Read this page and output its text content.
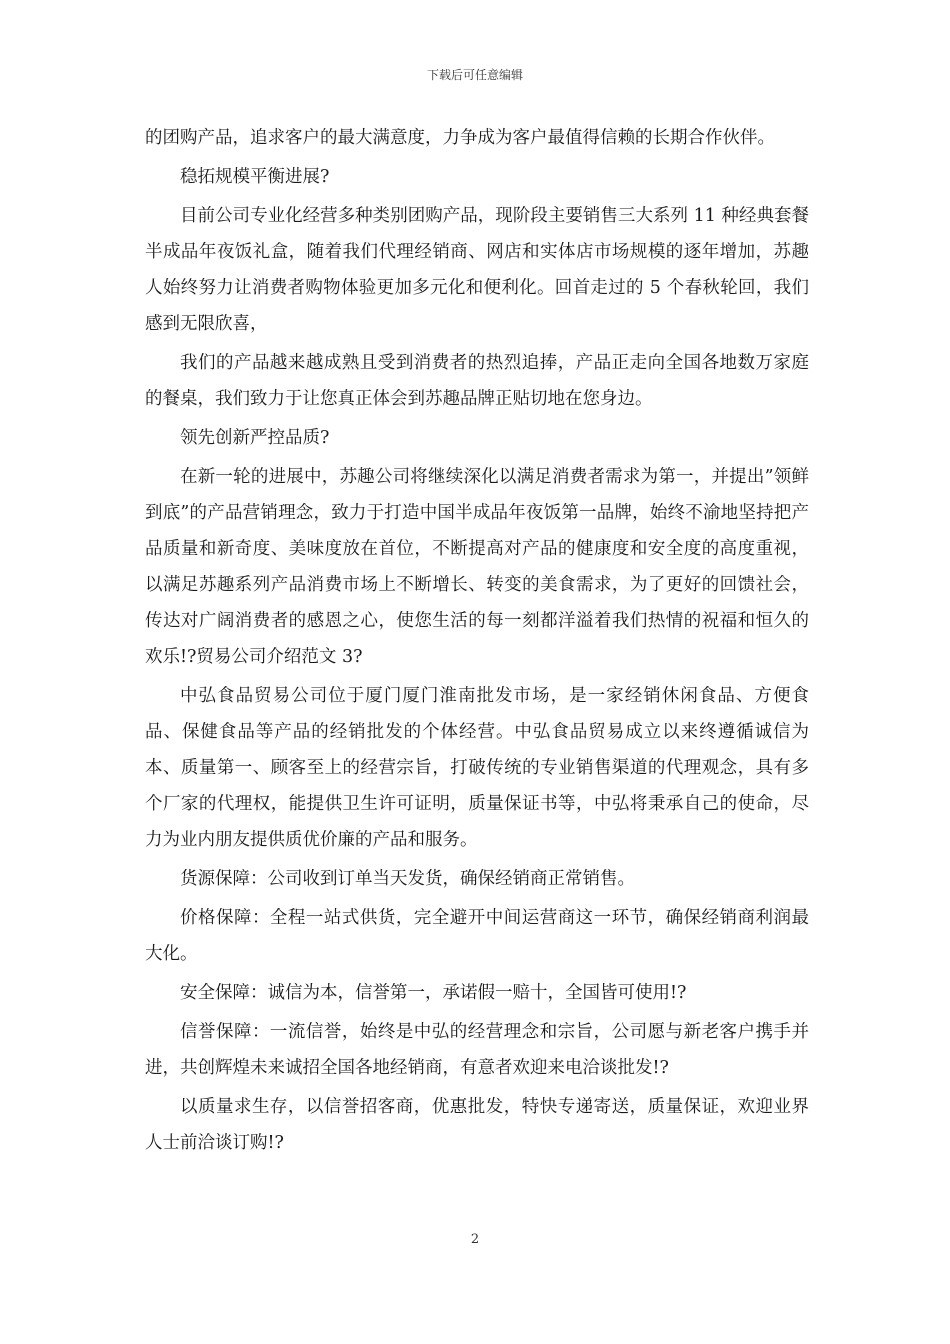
下载后可任意编辑

的团购产品，追求客户的最大满意度，力争成为客户最值得信赖的长期合作伙伴。

稳拓规模平衡进展?

目前公司专业化经营多种类别团购产品，现阶段主要销售三大系列 11 种经典套餐半成品年夜饭礼盒，随着我们代理经销商、网店和实体店市场规模的逐年增加，苏趣人始终努力让消费者购物体验更加多元化和便利化。回首走过的 5 个春秋轮回，我们感到无限欣喜，

我们的产品越来越成熟且受到消费者的热烈追捧，产品正走向全国各地数万家庭的餐桌，我们致力于让您真正体会到苏趣品牌正贴切地在您身边。

领先创新严控品质?

在新一轮的进展中，苏趣公司将继续深化以满足消费者需求为第一，并提出”领鲜到底”的产品营销理念，致力于打造中国半成品年夜饭第一品牌，始终不渝地坚持把产品质量和新奇度、美味度放在首位，不断提高对产品的健康度和安全度的高度重视，以满足苏趣系列产品消费市场上不断增长、转变的美食需求，为了更好的回馈社会，传达对广阔消费者的感恩之心，使您生活的每一刻都洋溢着我们热情的祝福和恒久的欢乐!?贸易公司介绍范文 3?

中弘食品贸易公司位于厦门厦门淮南批发市场，是一家经销休闲食品、方便食品、保健食品等产品的经销批发的个体经营。中弘食品贸易成立以来终遵循诚信为本、质量第一、顾客至上的经营宗旨，打破传统的专业销售渠道的代理观念，具有多个厂家的代理权，能提供卫生许可证明，质量保证书等，中弘将秉承自己的使命，尽力为业内朋友提供质优价廉的产品和服务。

货源保障：公司收到订单当天发货，确保经销商正常销售。

价格保障：全程一站式供货，完全避开中间运营商这一环节，确保经销商利润最大化。

安全保障：诚信为本，信誉第一，承诺假一赔十，全国皆可使用!?

信誉保障：一流信誉，始终是中弘的经营理念和宗旨，公司愿与新老客户携手并进，共创辉煌未来诚招全国各地经销商，有意者欢迎来电洽谈批发!?

以质量求生存，以信誉招客商，优惠批发，特快专递寄送，质量保证，欢迎业界人士前洽谈订购!?

2
